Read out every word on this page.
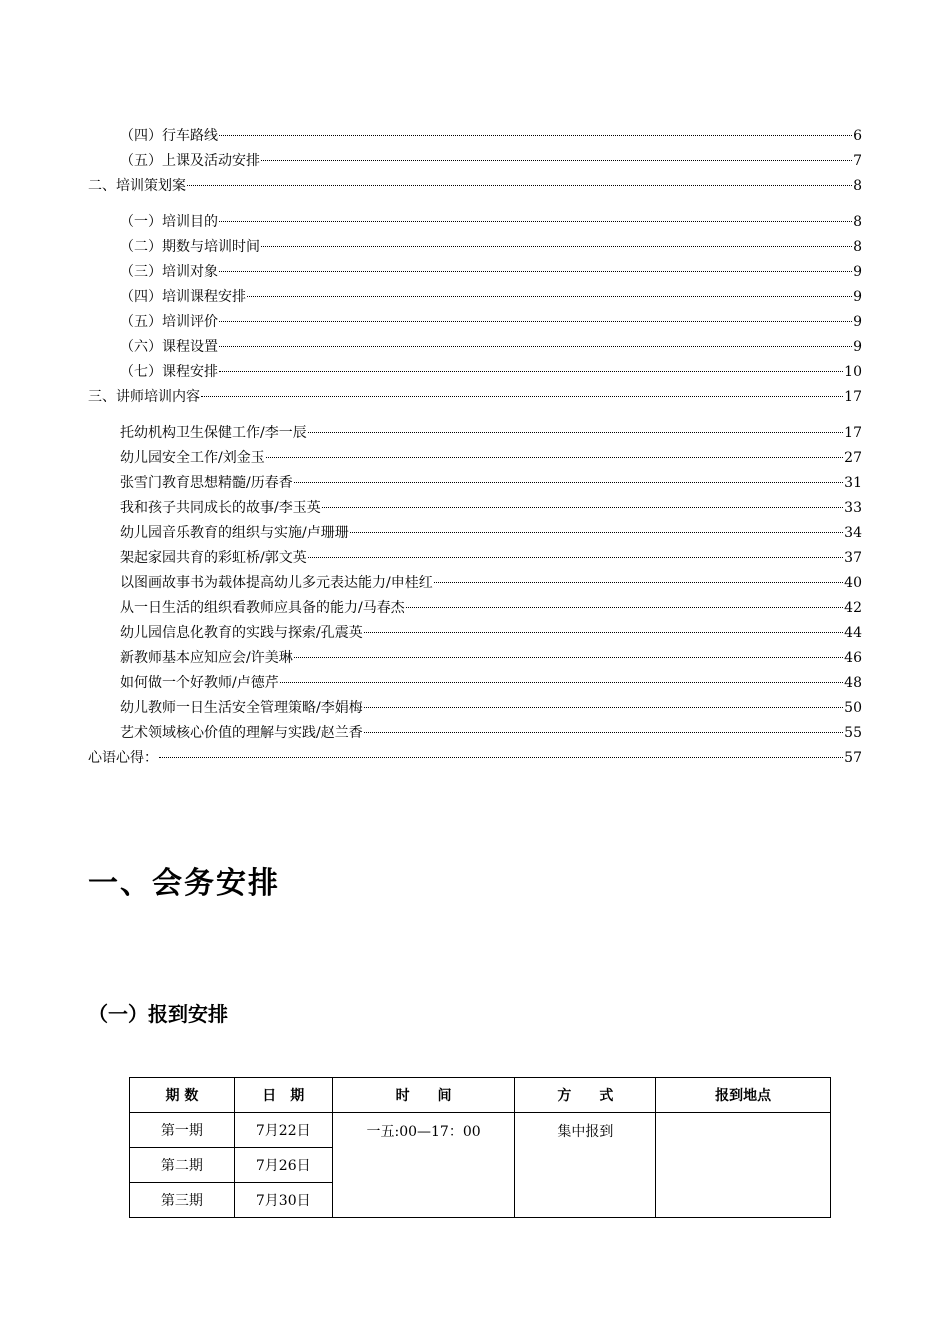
（四）行车路线	6
（五）上课及活动安排	7
二、培训策划案	8
（一）培训目的	8
（二）期数与培训时间	8
（三）培训对象	9
（四）培训课程安排	9
（五）培训评价	9
（六）课程设置	9
（七）课程安排	10
三、讲师培训内容	17
托幼机构卫生保健工作/李一辰	17
幼儿园安全工作/刘金玉	27
张雪门教育思想精髓/历春香	31
我和孩子共同成长的故事/李玉英	33
幼儿园音乐教育的组织与实施/卢珊珊	34
架起家园共育的彩虹桥/郭文英	37
以图画故事书为载体提高幼儿多元表达能力/申桂红	40
从一日生活的组织看教师应具备的能力/马春杰	42
幼儿园信息化教育的实践与探索/孔震英	44
新教师基本应知应会/许美琳	46
如何做一个好教师/卢德芹	48
幼儿教师一日生活安全管理策略/李娟梅	50
艺术领域核心价值的理解与实践/赵兰香	55
心语心得：	57
一、会务安排
（一）报到安排
期 数	日　期	时　　间	方　　式	报到地点
第一期	7月22日	一五:00—17：00	集中报到	
第二期	7月26日			
第三期	7月30日			
